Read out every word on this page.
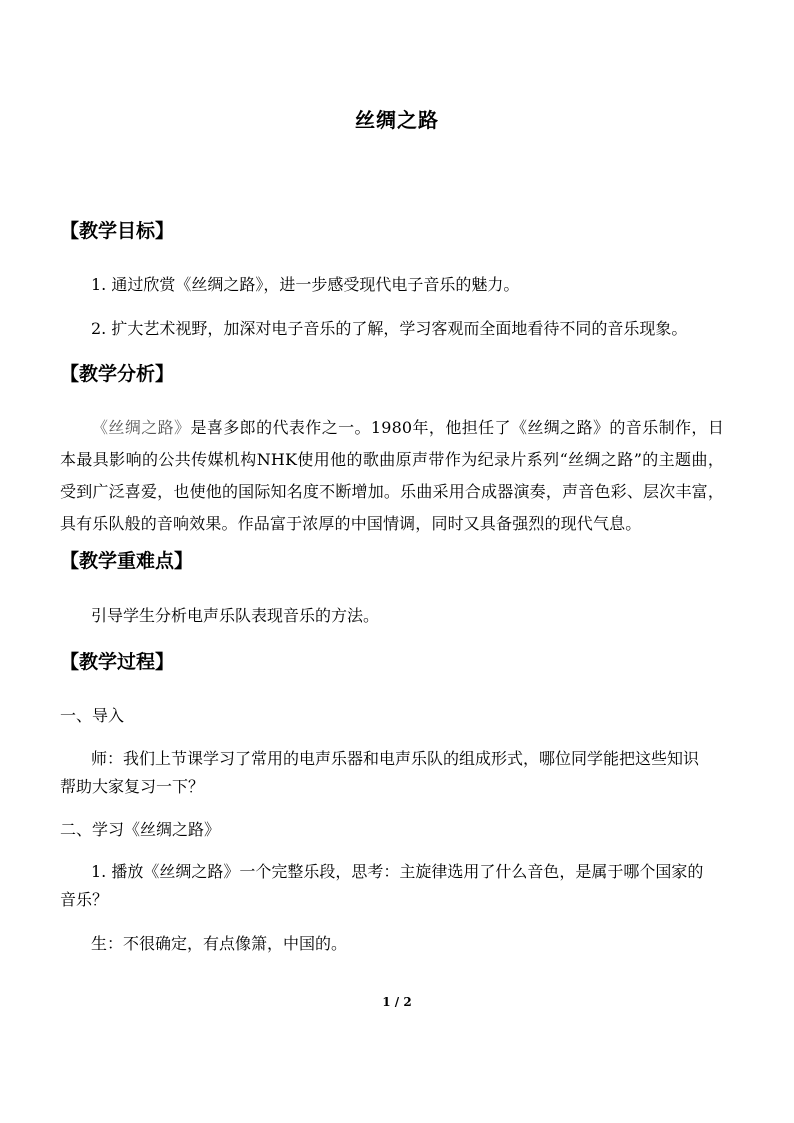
丝绸之路
【教学目标】
1. 通过欣赏《丝绸之路》，进一步感受现代电子音乐的魅力。
2. 扩大艺术视野，加深对电子音乐的了解，学习客观而全面地看待不同的音乐现象。
【教学分析】
《丝绸之路》是喜多郎的代表作之一。1980年，他担任了《丝绸之路》的音乐制作，日本最具影响的公共传媒机构NHK使用他的歌曲原声带作为纪录片系列“丝绸之路”的主题曲，受到广泛喜爱，也使他的国际知名度不断增加。乐曲采用合成器演奏，声音色彩、层次丰富，具有乐队般的音响效果。作品富于浓厚的中国情调，同时又具备强烈的现代气息。
【教学重难点】
引导学生分析电声乐队表现音乐的方法。
【教学过程】
一、导入
师：我们上节课学习了常用的电声乐器和电声乐队的组成形式，哪位同学能把这些知识
帮助大家复习一下？
二、学习《丝绸之路》
1. 播放《丝绸之路》一个完整乐段，思考：主旋律选用了什么音色，是属于哪个国家的
音乐？
生：不很确定，有点像箫，中国的。
1 / 2
